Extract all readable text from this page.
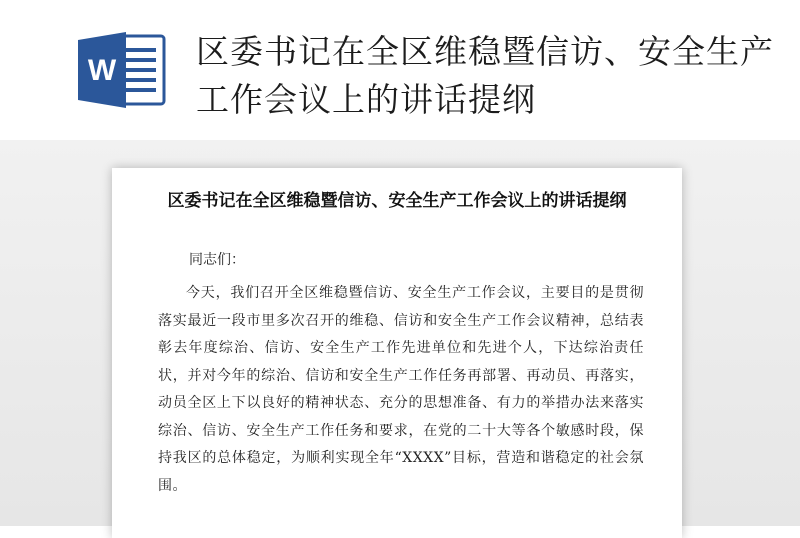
W 区委书记在全区维稳暨信访、安全生产工作会议上的讲话提纲
区委书记在全区维稳暨信访、安全生产工作会议上的讲话提纲
同志们：
今天，我们召开全区维稳暨信访、安全生产工作会议，主要目的是贯彻落实最近一段市里多次召开的维稳、信访和安全生产工作会议精神，总结表彰去年度综治、信访、安全生产工作先进单位和先进个人，下达综治责任状，并对今年的综治、信访和安全生产工作任务再部署、再动员、再落实，动员全区上下以良好的精神状态、充分的思想准备、有力的举措办法来落实综治、信访、安全生产工作任务和要求，在党的二十大等各个敏感时段，保持我区的总体稳定，为顺利实现全年“XXXX”目标，营造和谐稳定的社会氛围。
